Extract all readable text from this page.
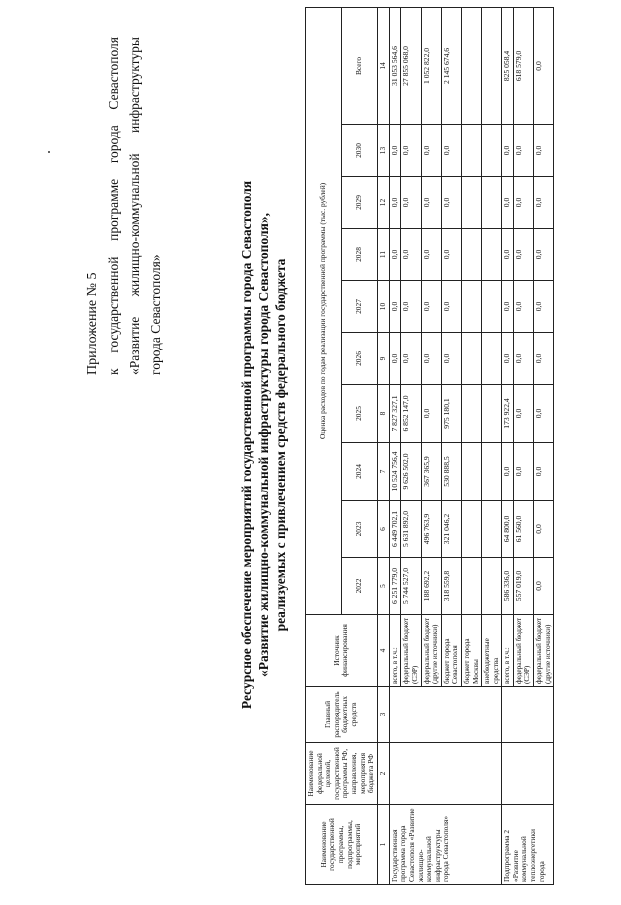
Приложение № 5 к
государственной
программе
города
Севастополя
«Развитие
жилищно-коммунальной
инфраструктуры
города Севастополя»	Ресурсное обеспечение мероприятий государственной программы города Севастополя «Развитие жилищно-коммунальной инфраструктуры города Севастополя», реализуемых с привлечением средств федерального бюджета
Наименование государственной программы, подпрограммы, мероприятий	Наименование федеральной целевой, государственной программы РФ, направления, мероприятия бюджета РФ	Главный распорядитель бюджетных средств	Источник финансирования	Оценка расходов по годам реализации государственной программы (тыс. рублей)									
				2022	2023	2024	2025	2026	2027	2028	2029	2030	Всего
1	2	3	4	5	6	7	8	9	10	11	12	13	14
Государственная программа города Севастополя «Развитие жилищно-коммунальной инфраструктуры города Севастополя»			всего, в т.ч.:	6 251 779,0	6 449 702,1	10 524 756,4	7 827 327,1	0,0	0,0	0,0	0,0	0,0	31 053 564,6
			федеральный бюджет (СЭР)	5 744 527,0	5 631 892,0	9 626 502,0	6 852 147,0	0,0	0,0	0,0	0,0	0,0	27 855 068,0
			федеральный бюджет (другие источники)	188 692,2	496 763,9	367 365,9	0,0	0,0	0,0	0,0	0,0	0,0	1 052 822,0
			бюджет города Севастополя	318 559,8	321 046,2	530 888,5	975 180,1	0,0	0,0	0,0	0,0	0,0	2 145 674,6
			бюджет города Москвы										
			внебюджетные средства										
Подпрограмма 2 «Развитие коммунальной теплоэнергетики города			всего, в т.ч.:	586 336,0	64 800,0	0,0	173 922,4	0,0	0,0	0,0	0,0	0,0	825 058,4
			федеральный бюджет (СЭР)	557 019,0	61 560,0	0,0	0,0	0,0	0,0	0,0	0,0	0,0	618 579,0
			федеральный бюджет (другие источники)	0,0	0,0	0,0	0,0	0,0	0,0	0,0	0,0	0,0	0,0
